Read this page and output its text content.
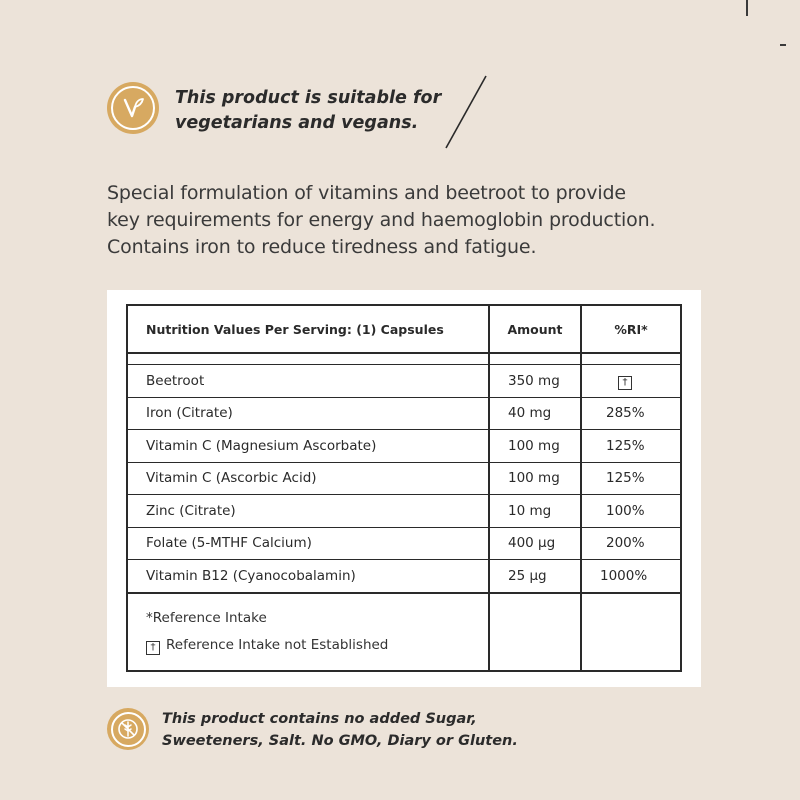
This product is suitable for
vegetarians and vegans.
Special formulation of vitamins and beetroot to provide
key requirements for energy and haemoglobin production.
Contains iron to reduce tiredness and fatigue.
Nutrition Values Per Serving: (1) Capsules	Amount	%RI*

Beetroot	350 mg	†
Iron (Citrate)	40 mg	285%
Vitamin C (Magnesium Ascorbate)	100 mg	125%
Vitamin C (Ascorbic Acid)	100 mg	125%
Zinc (Citrate)	10 mg	100%
Folate (5-MTHF Calcium)	400 µg	200%
Vitamin B12 (Cyanocobalamin)	25 µg	1000%

*Reference Intake
† Reference Intake not Established		

This product contains no added Sugar,
Sweeteners, Salt. No GMO, Diary or Gluten.
